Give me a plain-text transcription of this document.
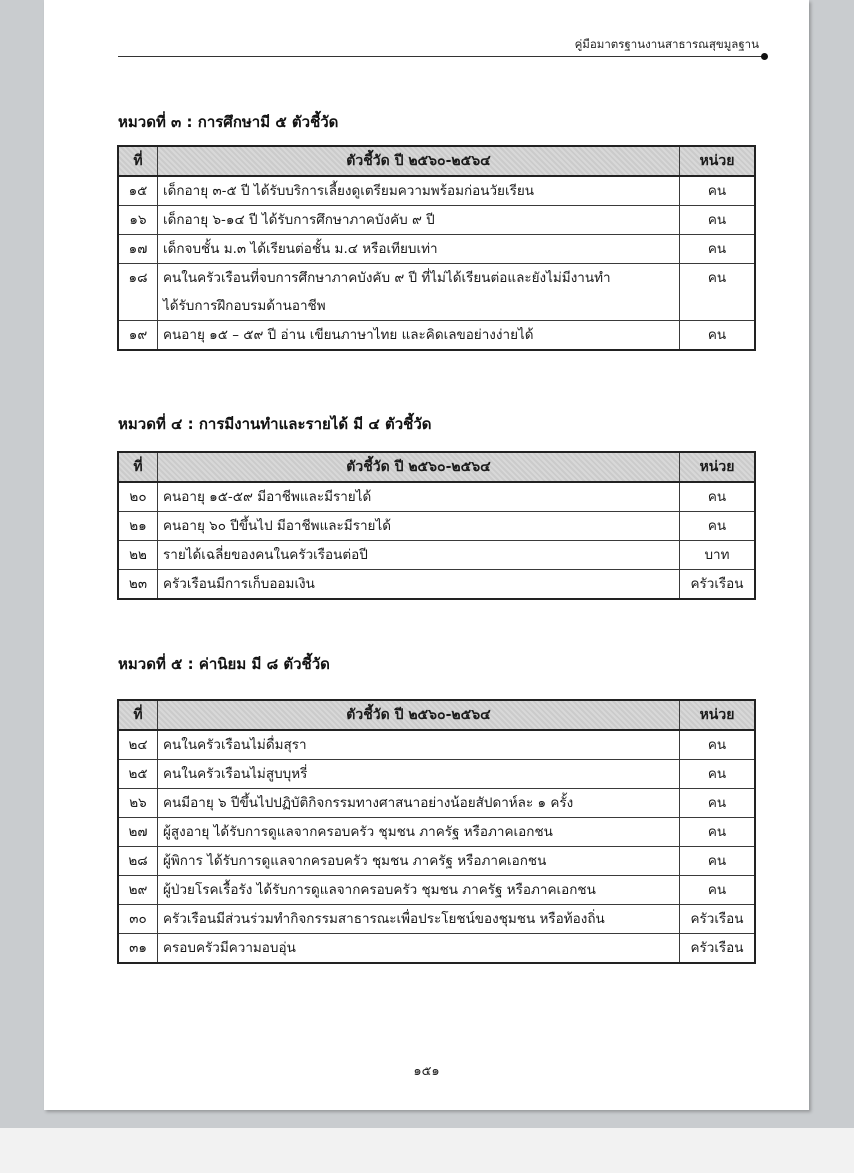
คู่มือมาตรฐานงานสาธารณสุขมูลฐาน
หมวดที่ ๓ : การศึกษามี ๕ ตัวชี้วัด
ที่	ตัวชี้วัด ปี ๒๕๖๐-๒๕๖๔	หน่วย
๑๕	เด็กอายุ ๓-๕ ปี ได้รับบริการเลี้ยงดูเตรียมความพร้อมก่อนวัยเรียน	คน
๑๖	เด็กอายุ ๖-๑๔ ปี ได้รับการศึกษาภาคบังคับ ๙ ปี	คน
๑๗	เด็กจบชั้น ม.๓ ได้เรียนต่อชั้น ม.๔ หรือเทียบเท่า	คน
๑๘	คนในครัวเรือนที่จบการศึกษาภาคบังคับ ๙ ปี ที่ไม่ได้เรียนต่อและยังไม่มีงานทำ
ได้รับการฝึกอบรมด้านอาชีพ	คน
๑๙	คนอายุ ๑๕ – ๕๙ ปี อ่าน เขียนภาษาไทย และคิดเลขอย่างง่ายได้	คน
หมวดที่ ๔ : การมีงานทำและรายได้ มี ๔ ตัวชี้วัด
ที่	ตัวชี้วัด ปี ๒๕๖๐-๒๕๖๔	หน่วย
๒๐	คนอายุ ๑๕-๕๙ มีอาชีพและมีรายได้	คน
๒๑	คนอายุ ๖๐ ปีขึ้นไป มีอาชีพและมีรายได้	คน
๒๒	รายได้เฉลี่ยของคนในครัวเรือนต่อปี	บาท
๒๓	ครัวเรือนมีการเก็บออมเงิน	ครัวเรือน
หมวดที่ ๕ : ค่านิยม มี ๘ ตัวชี้วัด
ที่	ตัวชี้วัด ปี ๒๕๖๐-๒๕๖๔	หน่วย
๒๔	คนในครัวเรือนไม่ดื่มสุรา	คน
๒๕	คนในครัวเรือนไม่สูบบุหรี่	คน
๒๖	คนมีอายุ ๖ ปีขึ้นไปปฏิบัติกิจกรรมทางศาสนาอย่างน้อยสัปดาห์ละ ๑ ครั้ง	คน
๒๗	ผู้สูงอายุ ได้รับการดูแลจากครอบครัว ชุมชน ภาครัฐ หรือภาคเอกชน	คน
๒๘	ผู้พิการ ได้รับการดูแลจากครอบครัว ชุมชน ภาครัฐ หรือภาคเอกชน	คน
๒๙	ผู้ป่วยโรคเรื้อรัง ได้รับการดูแลจากครอบครัว ชุมชน ภาครัฐ หรือภาคเอกชน	คน
๓๐	ครัวเรือนมีส่วนร่วมทำกิจกรรมสาธารณะเพื่อประโยชน์ของชุมชน หรือท้องถิ่น	ครัวเรือน
๓๑	ครอบครัวมีความอบอุ่น	ครัวเรือน
๑๕๑
